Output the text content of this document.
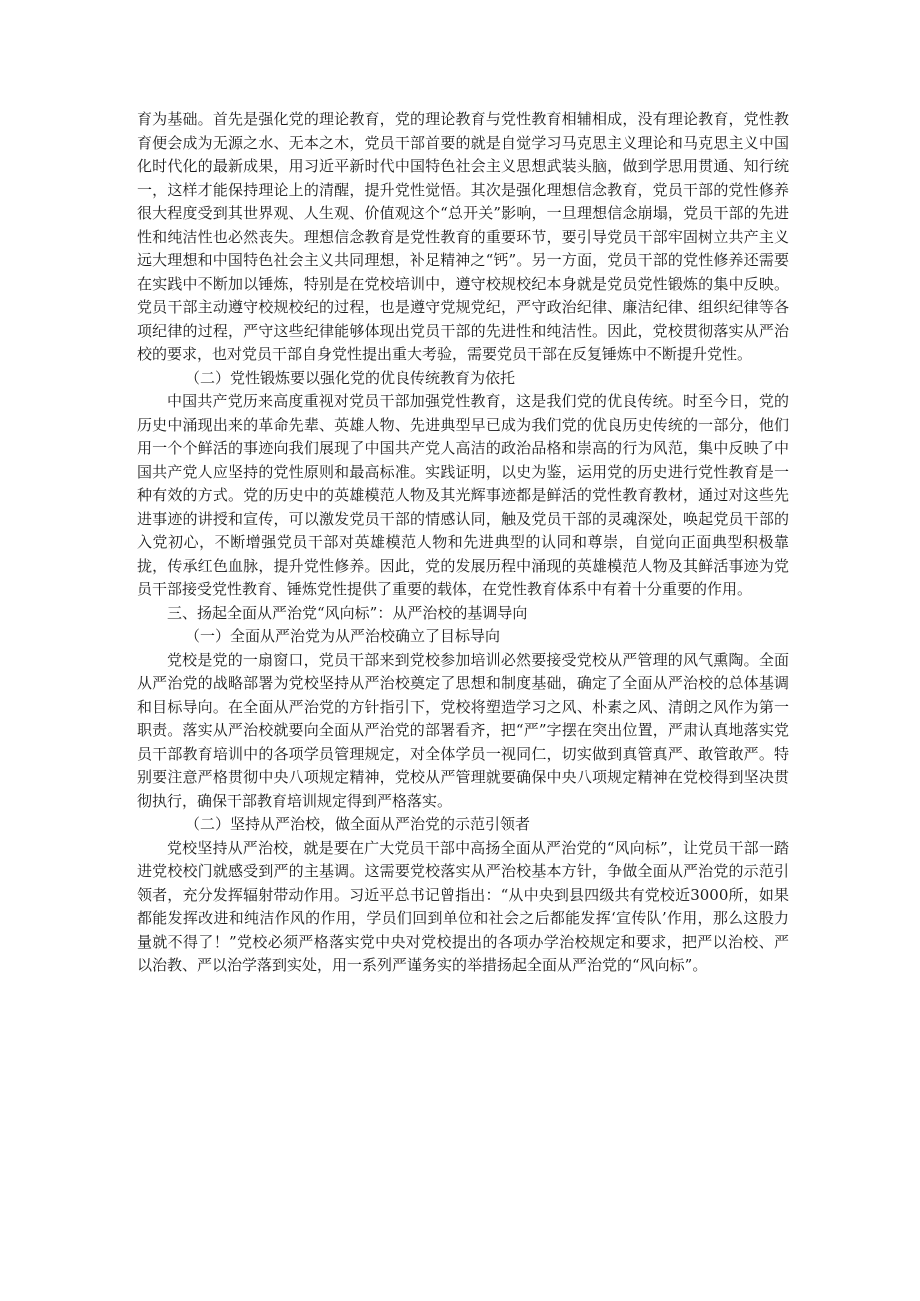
育为基础。首先是强化党的理论教育，党的理论教育与党性教育相辅相成，没有理论教育，党性教育便会成为无源之水、无本之木，党员干部首要的就是自觉学习马克思主义理论和马克思主义中国化时代化的最新成果，用习近平新时代中国特色社会主义思想武装头脑，做到学思用贯通、知行统一，这样才能保持理论上的清醒，提升党性觉悟。其次是强化理想信念教育，党员干部的党性修养很大程度受到其世界观、人生观、价值观这个“总开关”影响，一旦理想信念崩塌，党员干部的先进性和纯洁性也必然丧失。理想信念教育是党性教育的重要环节，要引导党员干部牢固树立共产主义远大理想和中国特色社会主义共同理想，补足精神之“钙”。另一方面，党员干部的党性修养还需要在实践中不断加以锤炼，特别是在党校培训中，遵守校规校纪本身就是党员党性锻炼的集中反映。党员干部主动遵守校规校纪的过程，也是遵守党规党纪，严守政治纪律、廉洁纪律、组织纪律等各项纪律的过程，严守这些纪律能够体现出党员干部的先进性和纯洁性。因此，党校贯彻落实从严治校的要求，也对党员干部自身党性提出重大考验，需要党员干部在反复锤炼中不断提升党性。

（二）党性锻炼要以强化党的优良传统教育为依托

中国共产党历来高度重视对党员干部加强党性教育，这是我们党的优良传统。时至今日，党的历史中涌现出来的革命先辈、英雄人物、先进典型早已成为我们党的优良历史传统的一部分，他们用一个个鲜活的事迹向我们展现了中国共产党人高洁的政治品格和崇高的行为风范，集中反映了中国共产党人应坚持的党性原则和最高标准。实践证明，以史为鉴，运用党的历史进行党性教育是一种有效的方式。党的历史中的英雄模范人物及其光辉事迹都是鲜活的党性教育教材，通过对这些先进事迹的讲授和宣传，可以激发党员干部的情感认同，触及党员干部的灵魂深处，唤起党员干部的入党初心，不断增强党员干部对英雄模范人物和先进典型的认同和尊崇，自觉向正面典型积极靠拢，传承红色血脉，提升党性修养。因此，党的发展历程中涌现的英雄模范人物及其鲜活事迹为党员干部接受党性教育、锤炼党性提供了重要的载体，在党性教育体系中有着十分重要的作用。

三、扬起全面从严治党“风向标”：从严治校的基调导向

（一）全面从严治党为从严治校确立了目标导向

党校是党的一扇窗口，党员干部来到党校参加培训必然要接受党校从严管理的风气熏陶。全面从严治党的战略部署为党校坚持从严治校奠定了思想和制度基础，确定了全面从严治校的总体基调和目标导向。在全面从严治党的方针指引下，党校将塑造学习之风、朴素之风、清朗之风作为第一职责。落实从严治校就要向全面从严治党的部署看齐，把“严”字摆在突出位置，严肃认真地落实党员干部教育培训中的各项学员管理规定，对全体学员一视同仁，切实做到真管真严、敢管敢严。特别要注意严格贯彻中央八项规定精神，党校从严管理就要确保中央八项规定精神在党校得到坚决贯彻执行，确保干部教育培训规定得到严格落实。

（二）坚持从严治校，做全面从严治党的示范引领者

党校坚持从严治校，就是要在广大党员干部中高扬全面从严治党的“风向标”，让党员干部一踏进党校校门就感受到严的主基调。这需要党校落实从严治校基本方针，争做全面从严治党的示范引领者，充分发挥辐射带动作用。习近平总书记曾指出：“从中央到县四级共有党校近3000所，如果都能发挥改进和纯洁作风的作用，学员们回到单位和社会之后都能发挥‘宣传队’作用，那么这股力量就不得了！”党校必须严格落实党中央对党校提出的各项办学治校规定和要求，把严以治校、严以治教、严以治学落到实处，用一系列严谨务实的举措扬起全面从严治党的“风向标”。
